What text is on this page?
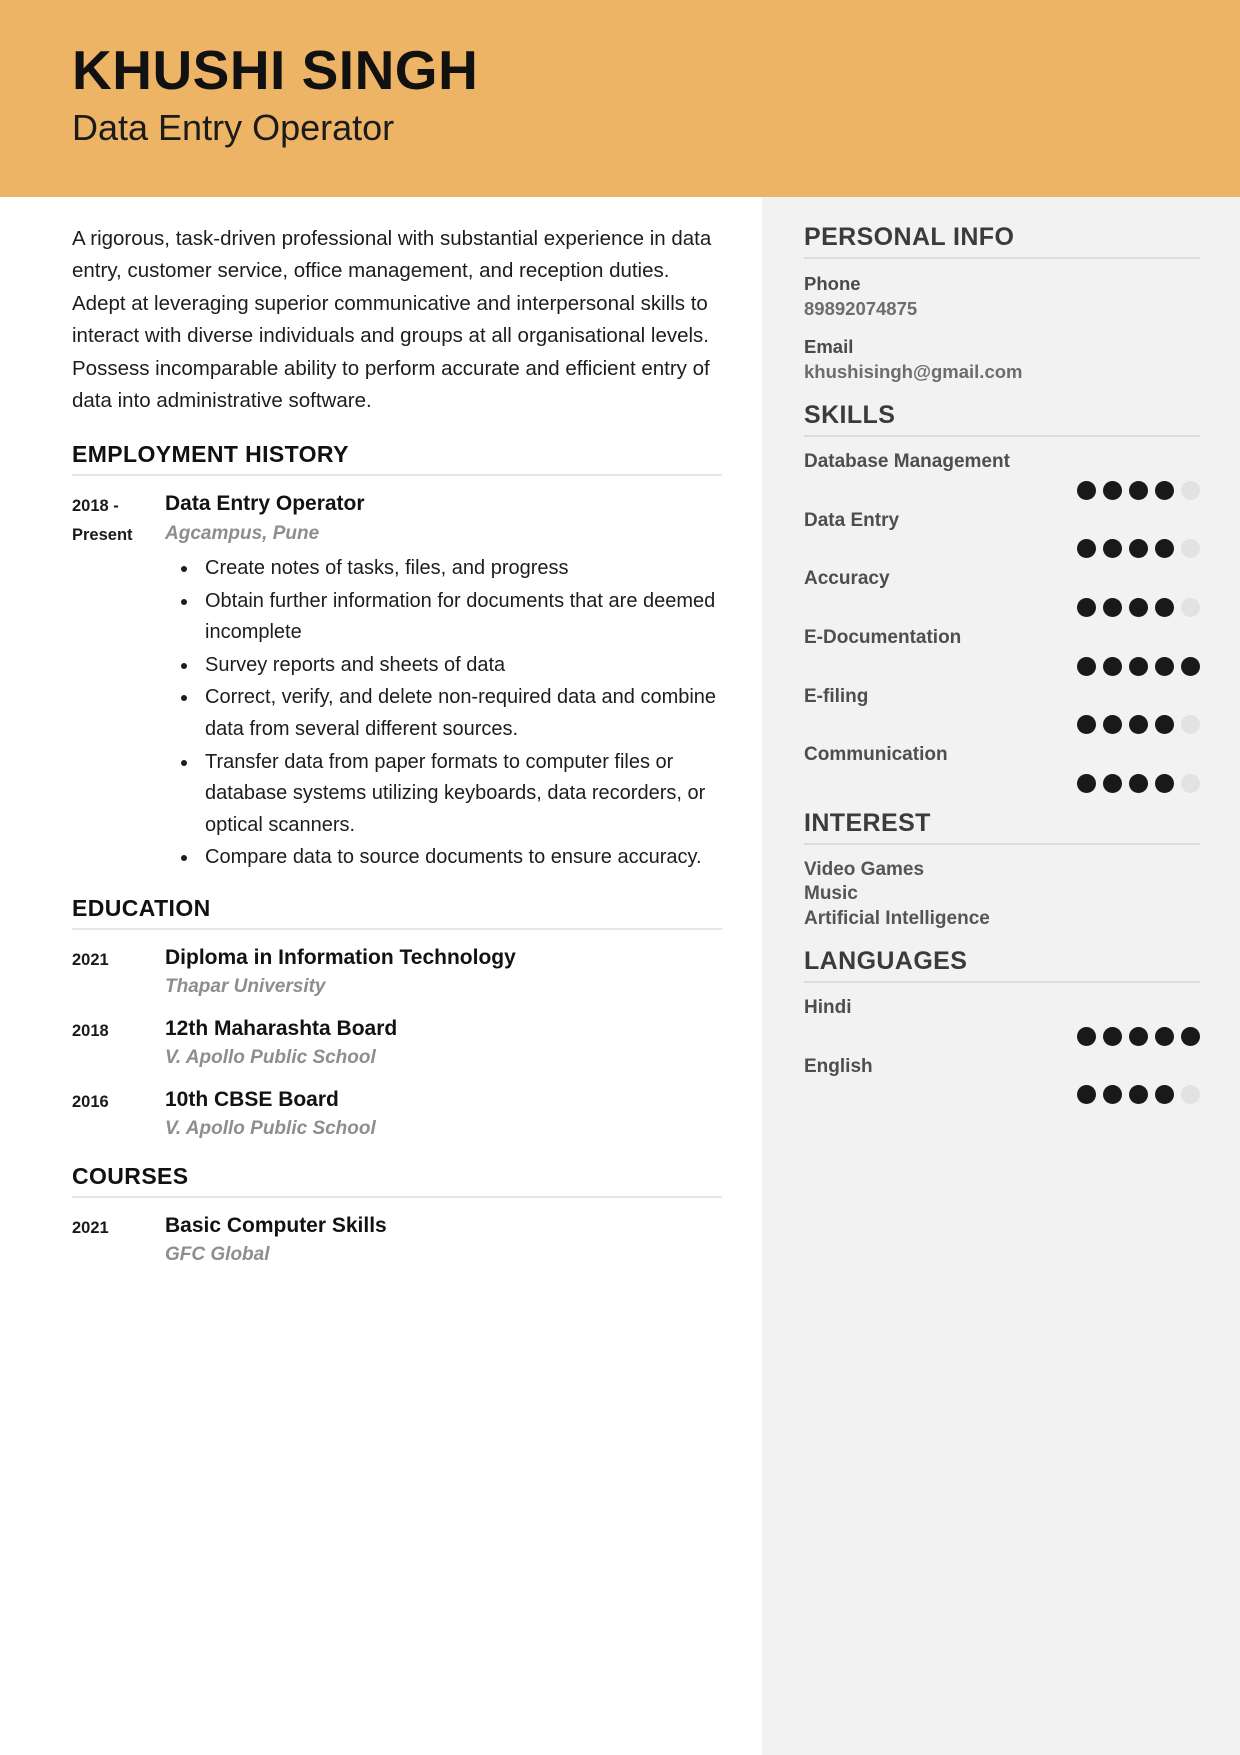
KHUSHI SINGH
Data Entry Operator
A rigorous, task-driven professional with substantial experience in data entry, customer service, office management, and reception duties. Adept at leveraging superior communicative and interpersonal skills to interact with diverse individuals and groups at all organisational levels. Possess incomparable ability to perform accurate and efficient entry of data into administrative software.
EMPLOYMENT HISTORY
2018 - Present
Data Entry Operator
Agcampus, Pune
• Create notes of tasks, files, and progress
• Obtain further information for documents that are deemed incomplete
• Survey reports and sheets of data
• Correct, verify, and delete non-required data and combine data from several different sources.
• Transfer data from paper formats to computer files or database systems utilizing keyboards, data recorders, or optical scanners.
• Compare data to source documents to ensure accuracy.
EDUCATION
2021	Diploma in Information Technology
Thapar University
2018	12th Maharashta Board
V. Apollo Public School
2016	10th CBSE Board
V. Apollo Public School
COURSES
2021	Basic Computer Skills
GFC Global
PERSONAL INFO
Phone
89892074875
Email
khushisingh@gmail.com
SKILLS
Database Management
Data Entry
Accuracy
E-Documentation
E-filing
Communication
INTEREST
Video Games
Music
Artificial Intelligence
LANGUAGES
Hindi
English
